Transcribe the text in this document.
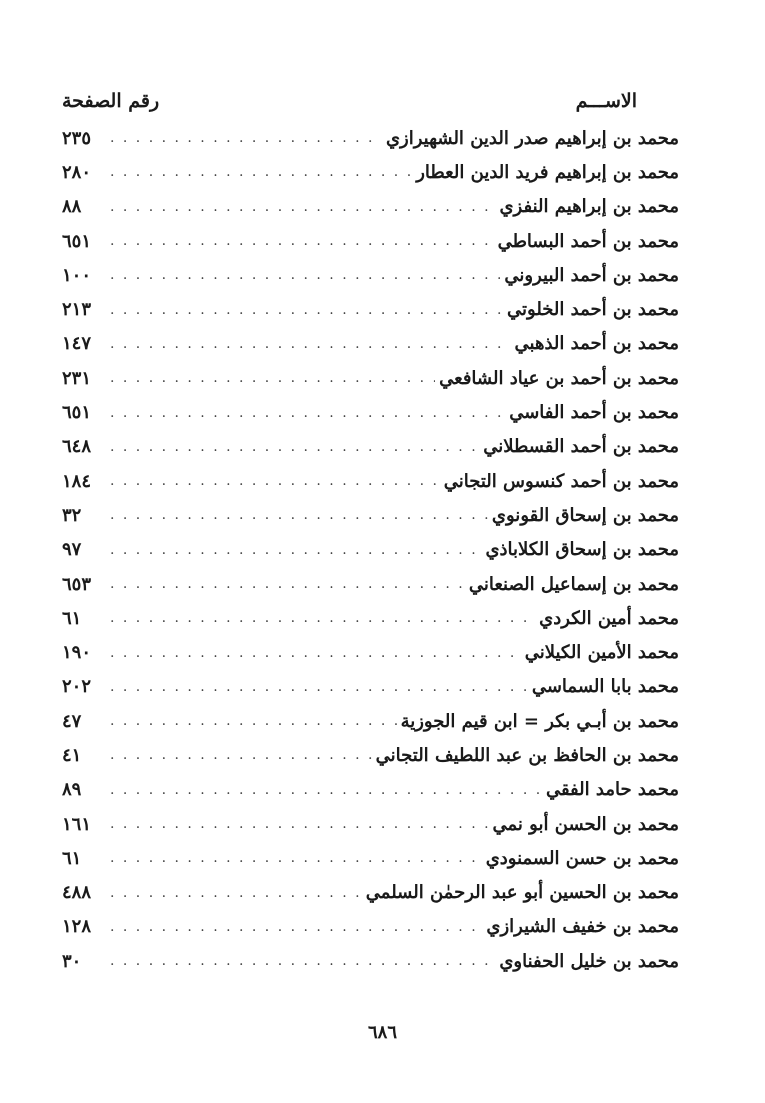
الاســـم
رقم الصفحة
محمد بن إبراهيم صدر الدين الشهيرازي
. . .
٢٣٥
محمد بن إبراهيم فريد الدين العطار
. . .
٢٨٠
محمد بن إبراهيم النفزي
. . .
٨٨
محمد بن أحمد البساطي
. . .
٦٥١
محمد بن أحمد البيروني
. . .
١٠٠
محمد بن أحمد الخلوتي
. . .
٢١٣
محمد بن أحمد الذهبي
. . .
١٤٧
محمد بن أحمد بن عياد الشافعي
. . .
٢٣١
محمد بن أحمد الفاسي
. . .
٦٥١
محمد بن أحمد القسطلاني
. . .
٦٤٨
محمد بن أحمد كنسوس التجاني
. . .
١٨٤
محمد بن إسحاق القونوي
. . .
٣٢
محمد بن إسحاق الكلاباذي
. . .
٩٧
محمد بن إسماعيل الصنعاني
. . .
٦٥٣
محمد أمين الكردي
. . .
٦١
محمد الأمين الكيلاني
. . .
١٩٠
محمد بابا السماسي
. . .
٢٠٢
محمد بن أبـي بكر = ابن قيم الجوزية
. . .
٤٧
محمد بن الحافظ بن عبد اللطيف التجاني
. . .
٤١
محمد حامد الفقي
. . .
٨٩
محمد بن الحسن أبو نمي
. . .
١٦١
محمد بن حسن السمنودي
. . .
٦١
محمد بن الحسين أبو عبد الرحمٰن السلمي
. . .
٤٨٨
محمد بن خفيف الشيرازي
. . .
١٢٨
محمد بن خليل الحفناوي
. . .
٣٠
٦٨٦
